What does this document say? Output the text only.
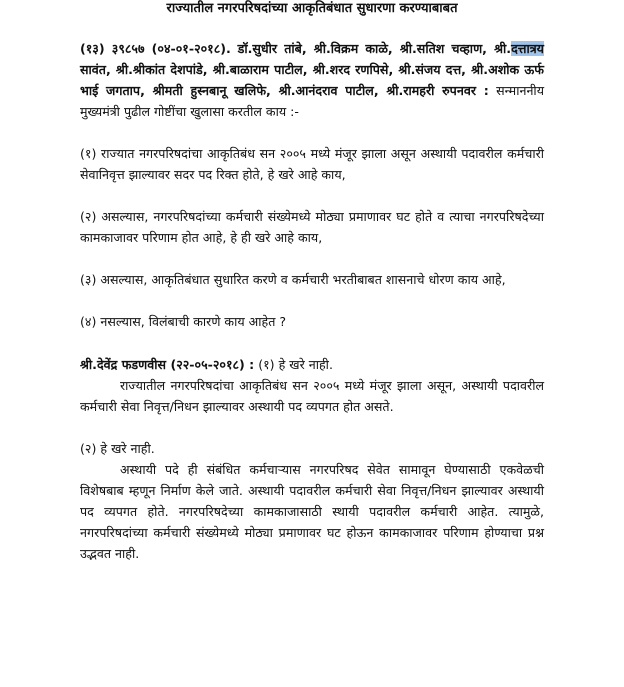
राज्यातील नगरपरिषदांच्या आकृतिबंधात सुधारणा करण्याबाबत

(१३) ३९८५७ (०४-०१-२०१८). डॉ.सुधीर तांबे, श्री.विक्रम काळे, श्री.सतिश चव्हाण, श्री.दत्तात्रय सावंत, श्री.श्रीकांत देशपांडे, श्री.बाळाराम पाटील, श्री.शरद रणपिसे, श्री.संजय दत्त, श्री.अशोक ऊर्फ भाई जगताप, श्रीमती हुस्नबानू खलिफे, श्री.आनंदराव पाटील, श्री.रामहरी रुपनवर : सन्माननीय मुख्यमंत्री पुढील गोष्टींचा खुलासा करतील काय :-

(१) राज्यात नगरपरिषदांचा आकृतिबंध सन २००५ मध्ये मंजूर झाला असून अस्थायी पदावरील कर्मचारी सेवानिवृत्त झाल्यावर सदर पद रिक्त होते, हे खरे आहे काय,

(२) असल्यास, नगरपरिषदांच्या कर्मचारी संख्येमध्ये मोठ्या प्रमाणावर घट होते व त्याचा नगरपरिषदेच्या कामकाजावर परिणाम होत आहे, हे ही खरे आहे काय,

(३) असल्यास, आकृतिबंधात सुधारित करणे व कर्मचारी भरतीबाबत शासनाचे धोरण काय आहे,

(४) नसल्यास, विलंबाची कारणे काय आहेत ?

श्री.देवेंद्र फडणवीस (२२-०५-२०१८) : (१) हे खरे नाही.

राज्यातील नगरपरिषदांचा आकृतिबंध सन २००५ मध्ये मंजूर झाला असून, अस्थायी पदावरील कर्मचारी सेवा निवृत्त/निधन झाल्यावर अस्थायी पद व्यपगत होत असते.

(२) हे खरे नाही.

अस्थायी पदे ही संबंधित कर्मचाऱ्यास नगरपरिषद सेवेत सामावून घेण्यासाठी एकवेळची विशेषबाब म्हणून निर्माण केले जाते. अस्थायी पदावरील कर्मचारी सेवा निवृत्त/निधन झाल्यावर अस्थायी पद व्यपगत होते. नगरपरिषदेच्या कामकाजासाठी स्थायी पदावरील कर्मचारी आहेत. त्यामुळे, नगरपरिषदांच्या कर्मचारी संख्येमध्ये मोठ्या प्रमाणावर घट होऊन कामकाजावर परिणाम होण्याचा प्रश्न उद्भवत नाही.
